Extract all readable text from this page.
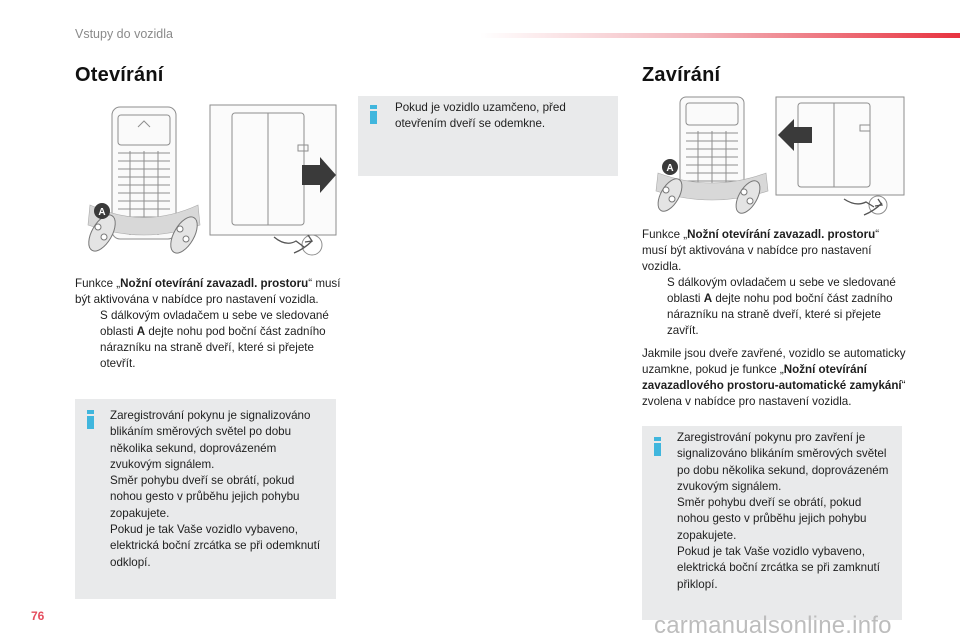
Vstupy do vozidla
Otevírání
A

Funkce „Nožní otevírání zavazadl. prostoru“ musí být aktivována v nabídce pro nastavení vozidla.

S dálkovým ovladačem u sebe ve sledované oblasti A dejte nohu pod boční část zadního nárazníku na straně dveří, které si přejete otevřít.

Zaregistrování pokynu je signalizováno blikáním směrových světel po dobu několika sekund, doprovázeném zvukovým signálem.

Směr pohybu dveří se obrátí, pokud nohou gesto v průběhu jejich pohybu zopakujete.

Pokud je tak Vaše vozidlo vybaveno, elektrická boční zrcátka se při odemknutí odklopí.

Pokud je vozidlo uzamčeno, před otevřením dveří se odemkne.

Zavírání
A

Funkce „Nožní otevírání zavazadl. prostoru“ musí být aktivována v nabídce pro nastavení vozidla.

S dálkovým ovladačem u sebe ve sledované oblasti A dejte nohu pod boční část zadního nárazníku na straně dveří, které si přejete zavřít.

Jakmile jsou dveře zavřené, vozidlo se automaticky uzamkne, pokud je funkce „Nožní otevírání zavazadlového prostoru-automatické zamykání“ zvolena v nabídce pro nastavení vozidla.

Zaregistrování pokynu pro zavření je signalizováno blikáním směrových světel po dobu několika sekund, doprovázeném zvukovým signálem.

Směr pohybu dveří se obrátí, pokud nohou gesto v průběhu jejich pohybu zopakujete.

Pokud je tak Vaše vozidlo vybaveno, elektrická boční zrcátka se při zamknutí přiklopí.

76	carmanualsonline.info
